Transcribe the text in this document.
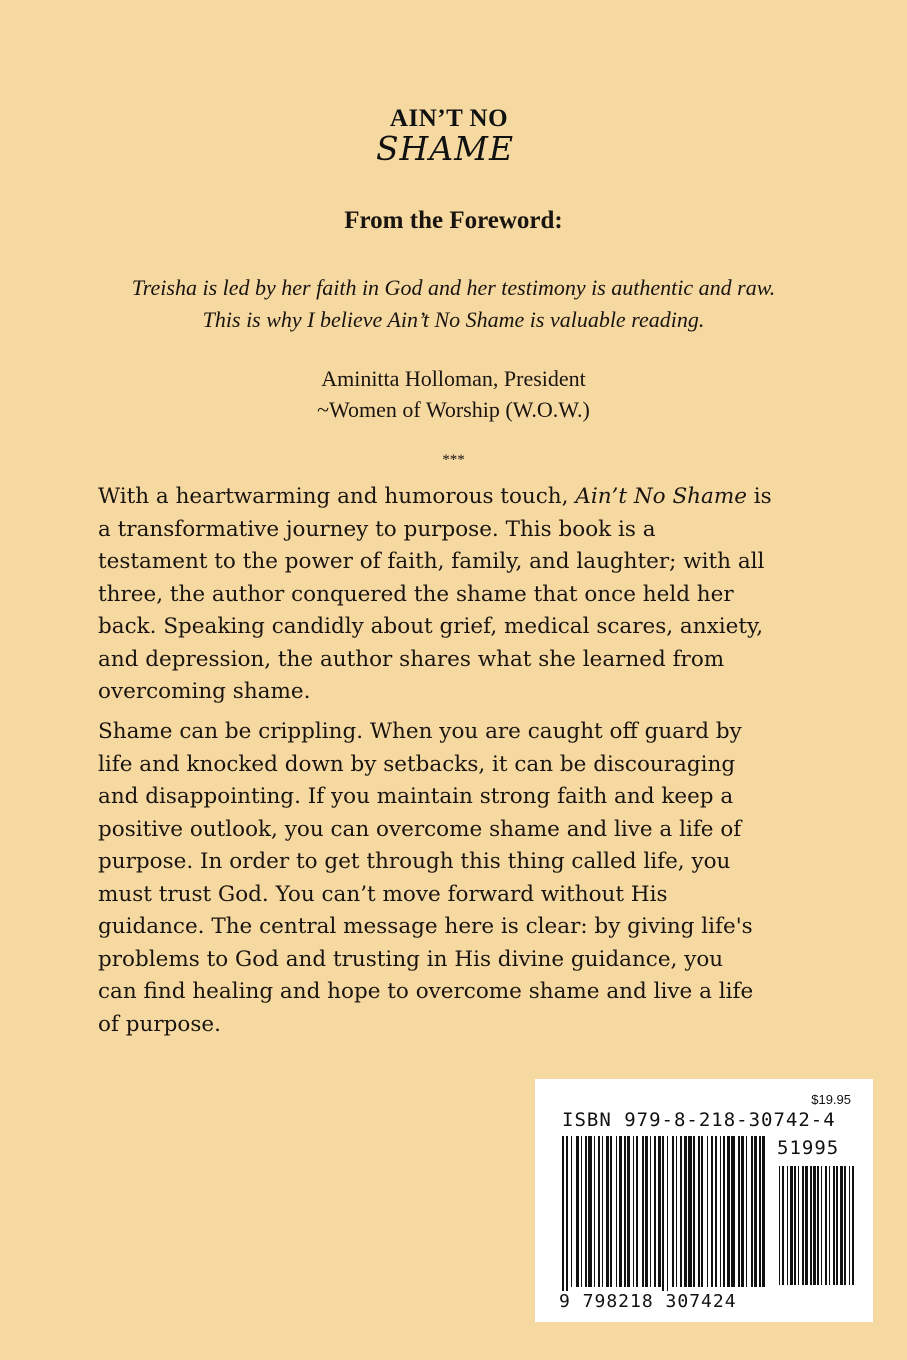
AIN’T NO
SHAME
From the Foreword:
Treisha is led by her faith in God and her testimony is authentic and raw.
This is why I believe Ain’t No Shame is valuable reading.
Aminitta Holloman, President
~Women of Worship (W.O.W.)
***
With a heartwarming and humorous touch, Ain’t No Shame is
a transformative journey to purpose. This book is a
testament to the power of faith, family, and laughter; with all
three, the author conquered the shame that once held her
back. Speaking candidly about grief, medical scares, anxiety,
and depression, the author shares what she learned from
overcoming shame.
Shame can be crippling. When you are caught off guard by
life and knocked down by setbacks, it can be discouraging
and disappointing. If you maintain strong faith and keep a
positive outlook, you can overcome shame and live a life of
purpose. In order to get through this thing called life, you
must trust God. You can’t move forward without His
guidance. The central message here is clear: by giving life's
problems to God and trusting in His divine guidance, you
can find healing and hope to overcome shame and live a life
of purpose.
$19.95
ISBN 979-8-218-30742-4
51995
9 798218 307424
